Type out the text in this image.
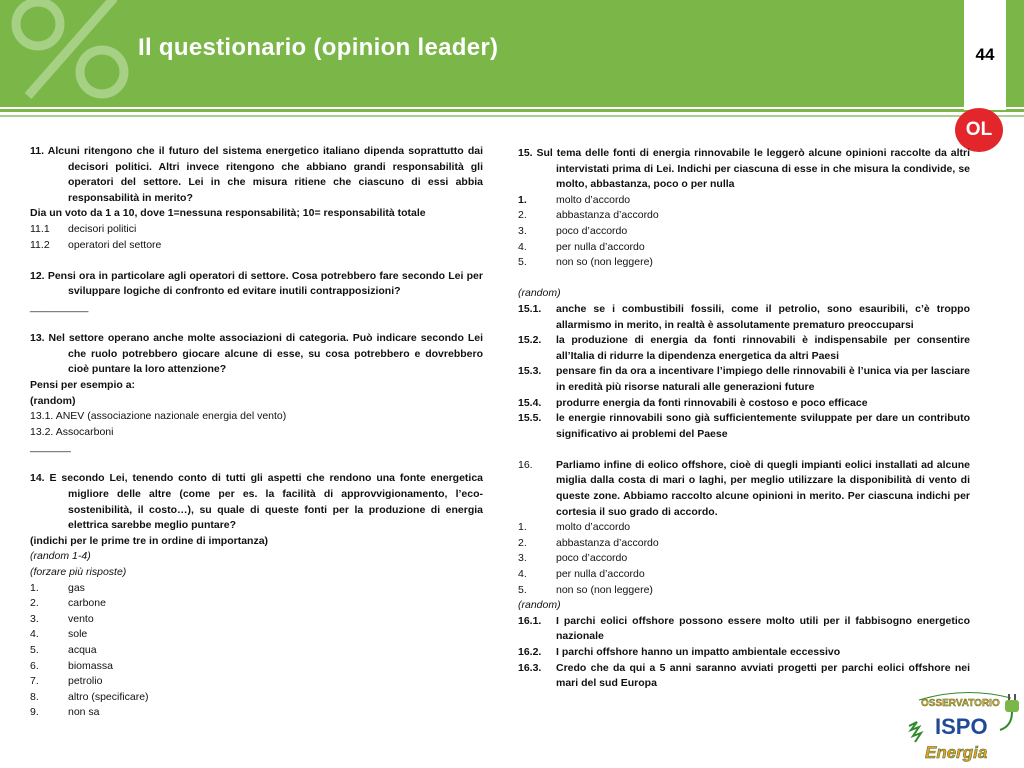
Il questionario (opinion leader)	44
OL

11. Alcuni ritengono che il futuro del sistema energetico italiano dipenda soprattutto dai decisori politici. Altri invece ritengono che abbiano grandi responsabilità gli operatori del settore. Lei in che misura ritiene che ciascuno di essi abbia responsabilità in merito?

Dia un voto da 1 a 10, dove 1=nessuna responsabilità; 10= responsabilità totale

11.1	decisori politici
11.2	operatori del settore

12. Pensi ora in particolare agli operatori di settore. Cosa potrebbero fare secondo Lei per sviluppare logiche di confronto ed evitare inutili contrapposizioni?

__________

13. Nel settore operano anche molte associazioni di categoria. Può indicare secondo Lei che ruolo potrebbero giocare alcune di esse, su cosa potrebbero e dovrebbero cioè puntare la loro attenzione?

Pensi per esempio a:

(random)

13.1. ANEV (associazione nazionale energia del vento)

13.2. Assocarboni

_______

14. E secondo Lei, tenendo conto di tutti gli aspetti che rendono una fonte energetica migliore delle altre (come per es. la facilità di approvvigionamento, l’eco-sostenibilità, il costo…), su quale di queste fonti per la produzione di energia elettrica sarebbe meglio puntare?

(indichi per le prime tre in ordine di importanza)

(random 1-4)

(forzare più risposte)

1.	gas
2.	carbone
3.	vento
4.	sole
5.	acqua
6.	biomassa
7.	petrolio
8.	altro (specificare)
9.	non sa

15. Sul tema delle fonti di energia rinnovabile le leggerò alcune opinioni raccolte da altri intervistati prima di Lei. Indichi per ciascuna di esse in che misura la condivide, se molto, abbastanza, poco o per nulla

1.	molto d’accordo
2.	abbastanza d’accordo
3.	poco d’accordo
4.	per nulla d’accordo
5.	non so (non leggere)

(random)

15.1.	anche se i combustibili fossili, come il petrolio, sono esauribili, c’è troppo allarmismo in merito, in realtà è assolutamente prematuro preoccuparsi
15.2.	la produzione di energia da fonti rinnovabili è indispensabile per consentire all’Italia di ridurre la dipendenza energetica da altri Paesi
15.3.	pensare fin da ora a incentivare l’impiego delle rinnovabili è l’unica via per lasciare in eredità più risorse naturali alle generazioni future
15.4.	produrre energia da fonti rinnovabili è costoso e poco efficace
15.5.	le energie rinnovabili sono già sufficientemente sviluppate per dare un contributo significativo ai problemi del Paese
16.	Parliamo infine di eolico offshore, cioè di quegli impianti eolici installati ad alcune miglia dalla costa di mari o laghi, per meglio utilizzare la disponibilità di vento di queste zone. Abbiamo raccolto alcune opinioni in merito. Per ciascuna indichi per cortesia il suo grado di accordo.
1.	molto d’accordo
2.	abbastanza d’accordo
3.	poco d’accordo
4.	per nulla d’accordo
5.	non so (non leggere)

(random)

16.1.	I parchi eolici offshore possono essere molto utili per il fabbisogno energetico nazionale
16.2.	I parchi offshore hanno un impatto ambientale eccessivo
16.3.	Credo che da qui a 5 anni saranno avviati progetti per parchi eolici offshore nei mari del sud Europa
OSSERVATORIO
ISPO
Energia
